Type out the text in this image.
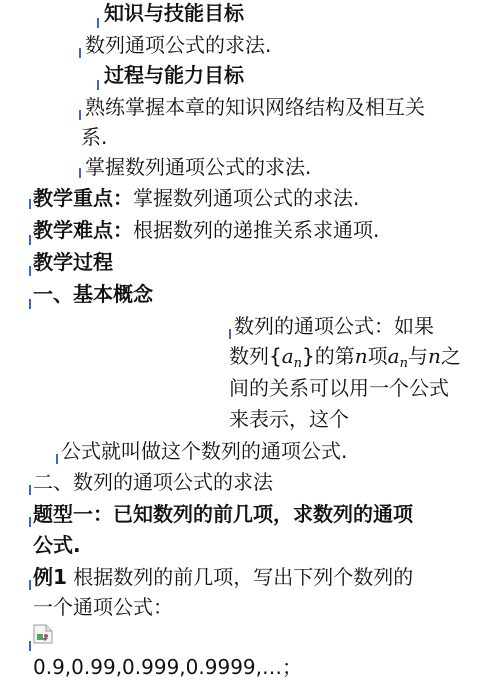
知识与技能目标
数列通项公式的求法.
过程与能力目标
熟练掌握本章的知识网络结构及相互关
系.
掌握数列通项公式的求法.
教学重点：掌握数列通项公式的求法.
教学难点：根据数列的递推关系求通项.
教学过程
一、基本概念
数列的通项公式：如果
数列$\{a_n\}$的第n项$a_n$与n之
间的关系可以用一个公式
来表示，这个
公式就叫做这个数列的通项公式.
二、数列的通项公式的求法
题型一：已知数列的前几项，求数列的通项
公式.
例1 根据数列的前几项，写出下列个数列的
一个通项公式：
0.9,0.99,0.999,0.9999,…；
